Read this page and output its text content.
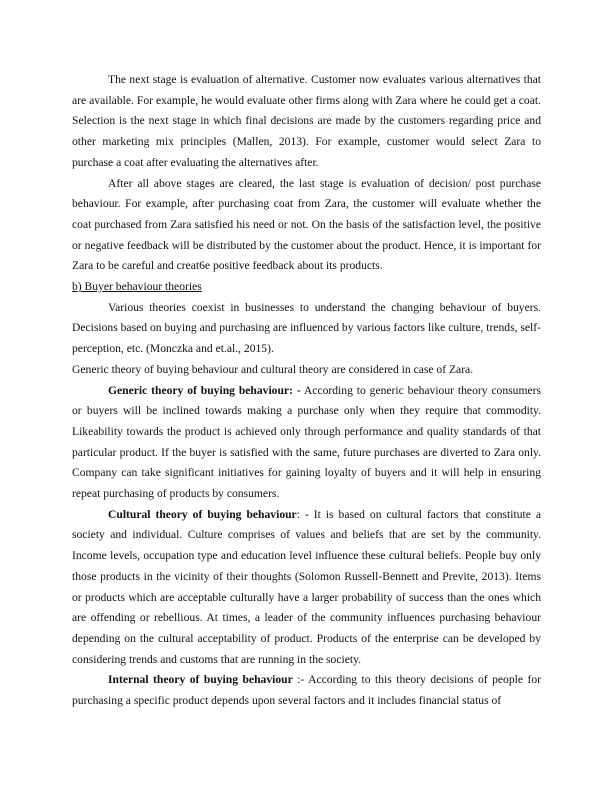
The next stage is evaluation of alternative. Customer now evaluates various alternatives that are available. For example, he would evaluate other firms along with Zara where he could get a coat. Selection is the next stage in which final decisions are made by the customers regarding price and other marketing mix principles (Mallen, 2013). For example, customer would select Zara to purchase a coat after evaluating the alternatives after.

After all above stages are cleared, the last stage is evaluation of decision/ post purchase behaviour. For example, after purchasing coat from Zara, the customer will evaluate whether the coat purchased from Zara satisfied his need or not. On the basis of the satisfaction level, the positive or negative feedback will be distributed by the customer about the product. Hence, it is important for Zara to be careful and creat6e positive feedback about its products.

b) Buyer behaviour theories

Various theories coexist in businesses to understand the changing behaviour of buyers. Decisions based on buying and purchasing are influenced by various factors like culture, trends, self-perception, etc. (Monczka and et.al., 2015).

Generic theory of buying behaviour and cultural theory are considered in case of Zara.

Generic theory of buying behaviour: - According to generic behaviour theory consumers or buyers will be inclined towards making a purchase only when they require that commodity. Likeability towards the product is achieved only through performance and quality standards of that particular product. If the buyer is satisfied with the same, future purchases are diverted to Zara only. Company can take significant initiatives for gaining loyalty of buyers and it will help in ensuring repeat purchasing of products by consumers.

Cultural theory of buying behaviour: - It is based on cultural factors that constitute a society and individual. Culture comprises of values and beliefs that are set by the community. Income levels, occupation type and education level influence these cultural beliefs. People buy only those products in the vicinity of their thoughts (Solomon Russell-Bennett and Previte, 2013). Items or products which are acceptable culturally have a larger probability of success than the ones which are offending or rebellious. At times, a leader of the community influences purchasing behaviour depending on the cultural acceptability of product. Products of the enterprise can be developed by considering trends and customs that are running in the society.

Internal theory of buying behaviour :- According to this theory decisions of people for purchasing a specific product depends upon several factors and it includes financial status of
